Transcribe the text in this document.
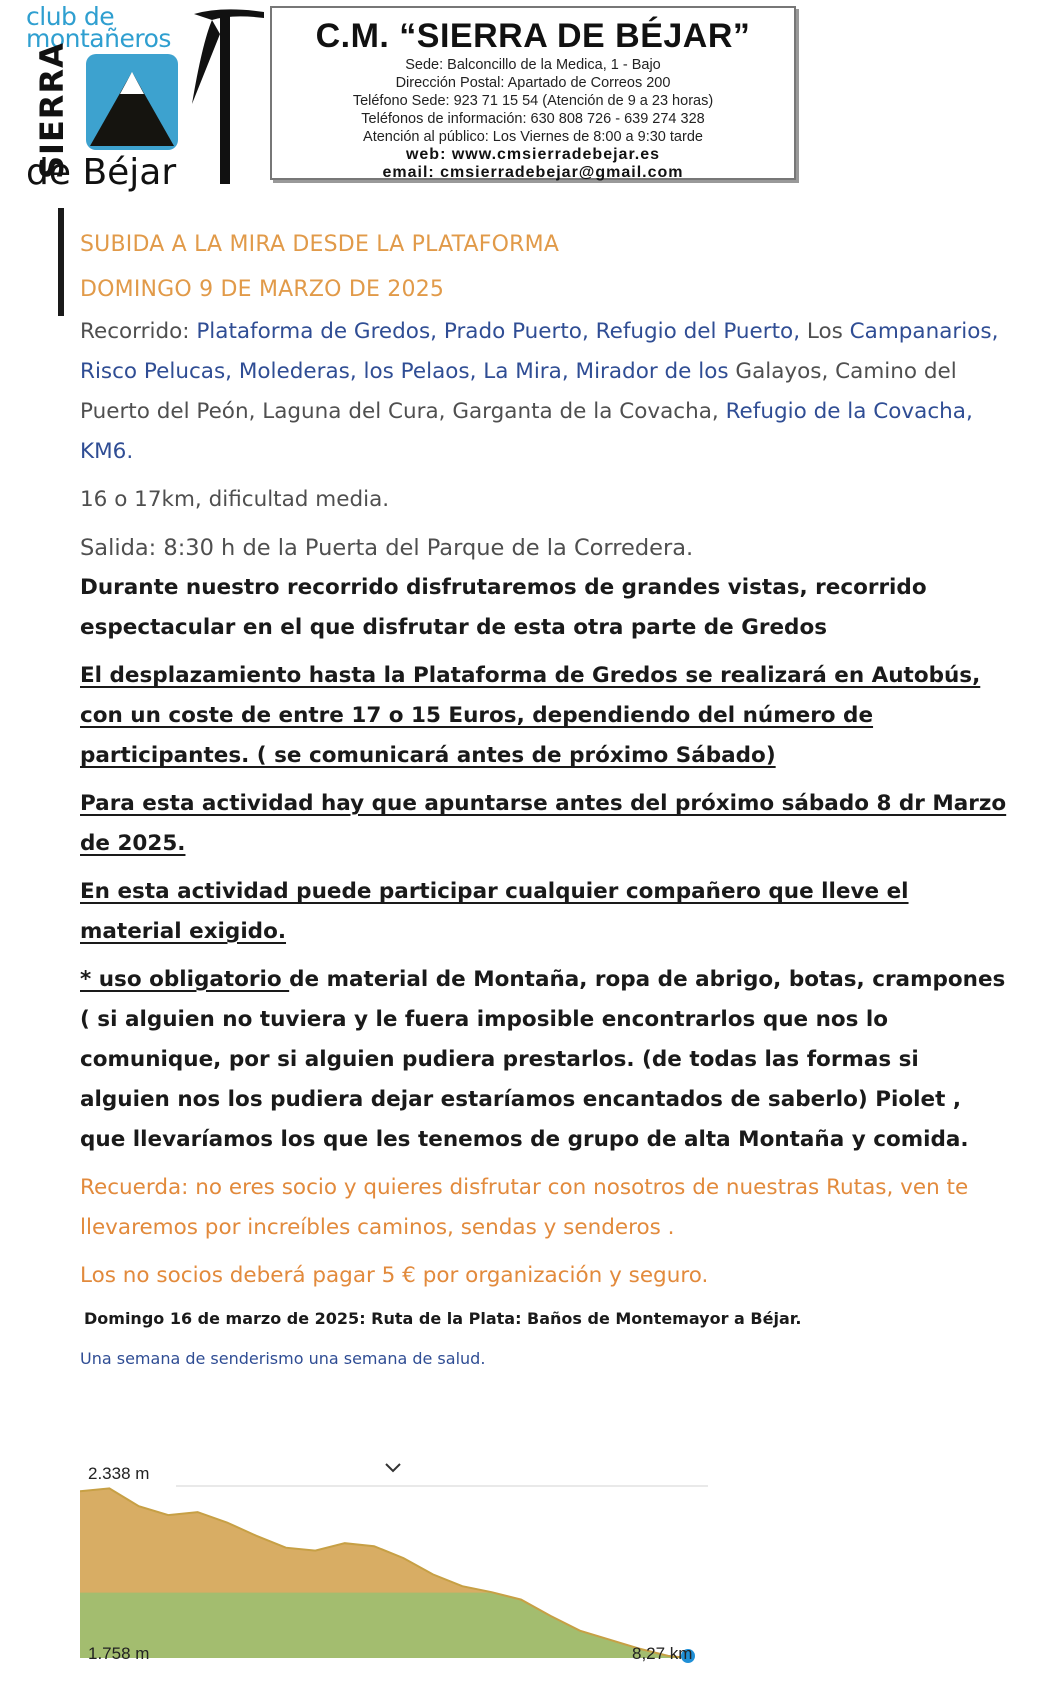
club de
montañeros
SIERRA
de Béjar
C.M. “SIERRA DE BÉJAR”
Sede: Balconcillo de la Medica, 1 - Bajo
Dirección Postal: Apartado de Correos 200
Teléfono Sede: 923 71 15 54 (Atención de 9 a 23 horas)
Teléfonos de información: 630 808 726 - 639 274 328
Atención al público: Los Viernes de 8:00 a 9:30 tarde
web: www.cmsierradebejar.es
email: cmsierradebejar@gmail.com
SUBIDA A LA MIRA DESDE LA PLATAFORMA
DOMINGO 9 DE MARZO DE 2025

Recorrido: Plataforma de Gredos, Prado Puerto, Refugio del Puerto, Los Campanarios, Risco Pelucas, Molederas, los Pelaos, La Mira, Mirador de los Galayos, Camino del Puerto del Peón, Laguna del Cura, Garganta de la Covacha, Refugio de la Covacha, KM6.

16 o 17km, dificultad media.

Salida: 8:30 h de la Puerta del Parque de la Corredera.

Durante nuestro recorrido disfrutaremos de grandes vistas, recorrido espectacular en el que disfrutar de esta otra parte de Gredos

El desplazamiento hasta la Plataforma de Gredos se realizará en Autobús, con un coste de entre 17 o 15 Euros, dependiendo del número de participantes. ( se comunicará antes de próximo Sábado)

Para esta actividad hay que apuntarse antes del próximo sábado 8 dr Marzo de 2025.

En esta actividad puede participar cualquier compañero que lleve el material exigido.

* uso obligatorio de material de Montaña, ropa de abrigo, botas, crampones ( si alguien no tuviera y le fuera imposible encontrarlos que nos lo comunique, por si alguien pudiera prestarlos. (de todas las formas si alguien nos los pudiera dejar estaríamos encantados de saberlo) Piolet , que llevaríamos los que les tenemos de grupo de alta Montaña y comida.

Recuerda: no eres socio y quieres disfrutar con nosotros de nuestras Rutas, ven te llevaremos por increíbles caminos, sendas y senderos .

Los no socios deberá pagar 5 € por organización y seguro.

Domingo 16 de marzo de 2025: Ruta de la Plata: Baños de Montemayor a Béjar.

Una semana de senderismo una semana de salud.

2.338 m
1.758 m	8,27 km
